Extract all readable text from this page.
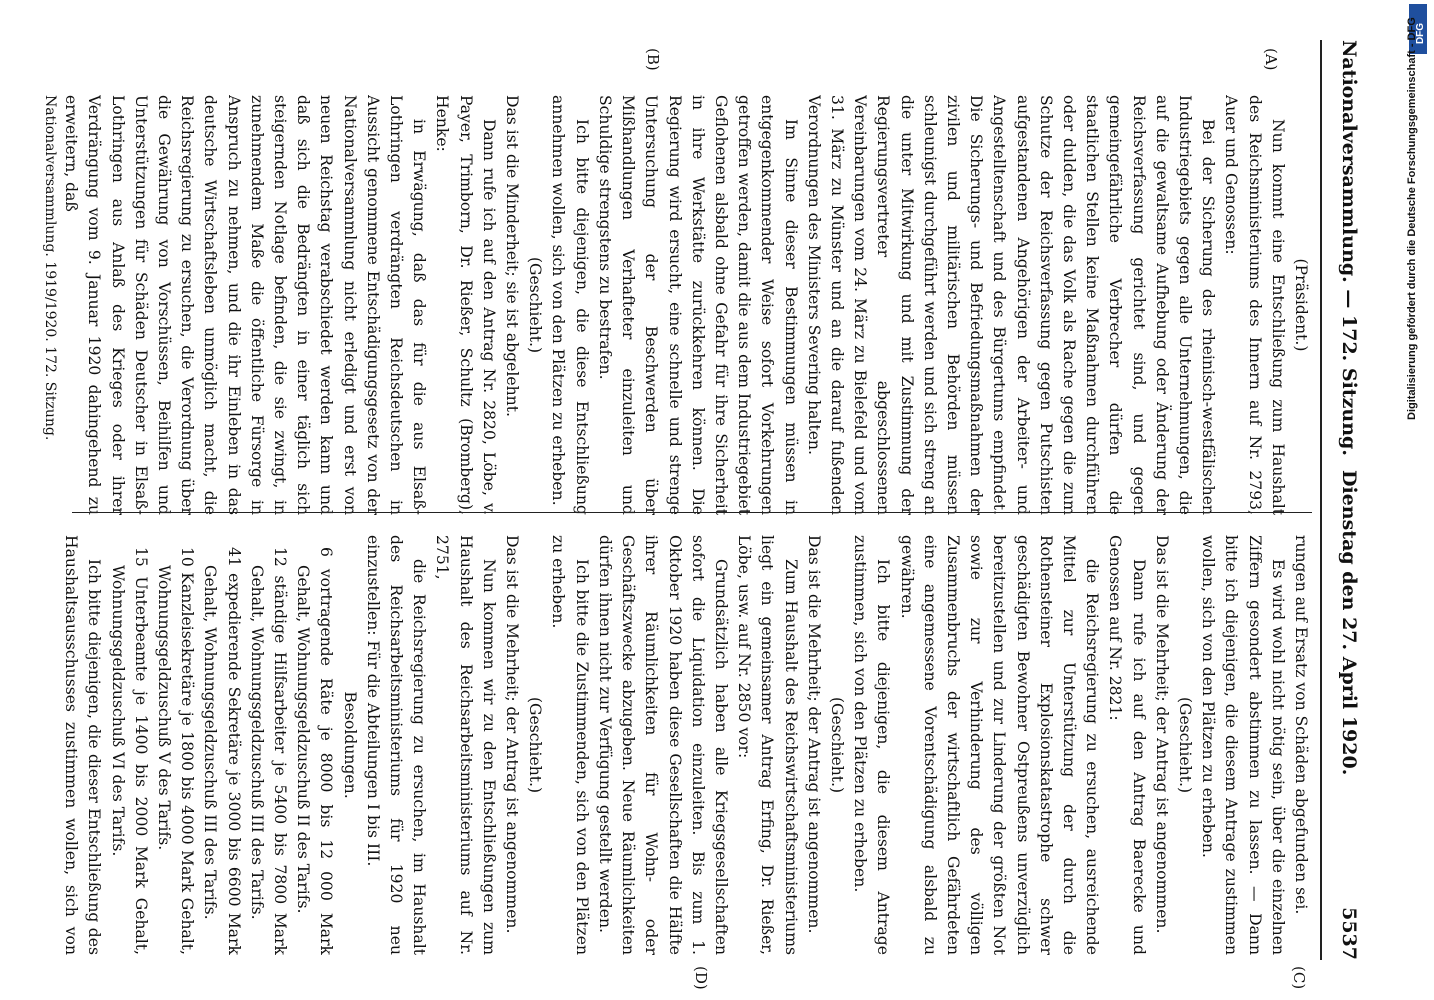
Nationalversammlung. — 172. Sitzung.
Dienstag den 27. April 1920.
5537
(A)
(B)
(C)
(D)

(Präsident.)

Nun kommt eine Entschließung zum Haushalt des Reichsministeriums des Innern auf Nr. 2793, Auer und Genossen:

Bei der Sicherung des rheinisch-westfälischen Industriegebiets gegen alle Unternehmungen, die auf die gewaltsame Aufhebung oder Änderung der Reichsverfassung gerichtet sind, und gegen gemeingefährliche Verbrecher dürfen die staatlichen Stellen keine Maßnahmen durchführen oder dulden, die das Volk als Rache gegen die zum Schutze der Reichsverfassung gegen Putschisten aufgestandenen Angehörigen der Arbeiter- und Angestelltenschaft und des Bürgertums empfindet. Die Sicherungs- und Befriedungsmaßnahmen der zivilen und militärischen Behörden müssen schleunigst durchgeführt werden und sich streng an die unter Mitwirkung und mit Zustimmung der Regierungsvertreter abgeschlossenen Vereinbarungen vom 24. März zu Bielefeld und vom 31. März zu Münster und an die darauf fußenden Verordnungen des Ministers Severing halten.

Im Sinne dieser Bestimmungen müssen in entgegenkommender Weise sofort Vorkehrungen getroffen werden, damit die aus dem Industriegebiet Geflohenen alsbald ohne Gefahr für ihre Sicherheit in ihre Werkstätte zurückkehren können. Die Regierung wird ersucht, eine schnelle und strenge Untersuchung der Beschwerden über Mißhandlungen Verhafteter einzuleiten und Schuldige strengstens zu bestrafen.

Ich bitte diejenigen, die diese Entschließung annehmen wollen, sich von den Plätzen zu erheben.

(Geschieht.)

Das ist die Minderheit; sie ist abgelehnt.

Dann rufe ich auf den Antrag Nr. 2820, Löbe, v. Payer, Trimborn, Dr. Rießer, Schultz (Bromberg), Henke:

in Erwägung, daß das für die aus Elsaß-Lothringen verdrängten Reichsdeutschen in Aussicht genommene Entschädigungsgesetz von der Nationalversammlung nicht erledigt und erst von neuen Reichstag verabschiedet werden kann und daß sich die Bedrängten in einer täglich sich steigernden Notlage befinden, die sie zwingt, in zunehmendem Maße die öffentliche Fürsorge in Anspruch zu nehmen, und die ihr Einleben in das deutsche Wirtschaftsleben unmöglich macht, die Reichsregierung zu ersuchen, die Verordnung über die Gewährung von Vorschüssen, Beihilfen und Unterstützungen für Schäden Deutscher in Elsaß-Lothringen aus Anlaß des Krieges oder ihrer Verdrängung vom 9. Januar 1920 dahingehend zu erweitern, daß

rungen auf Ersatz von Schäden abgefunden sei.

Es wird wohl nicht nötig sein, über die einzelnen Ziffern gesondert abstimmen zu lassen. — Dann bitte ich diejenigen, die diesem Antrage zustimmen wollen, sich von den Plätzen zu erheben.

(Geschieht.)

Das ist die Mehrheit; der Antrag ist angenommen.

Dann rufe ich auf den Antrag Baerecke und Genossen auf Nr. 2821:

die Reichsregierung zu ersuchen, ausreichende Mittel zur Unterstützung der durch die Rothensteiner Explosionskatastrophe schwer geschädigten Bewohner Ostpreußens unverzüglich bereitzustellen und zur Linderung der größten Not sowie zur Verhinderung des völligen Zusammenbruchs der wirtschaftlich Gefährdeten eine angemessene Vorentschädigung alsbald zu gewähren.

Ich bitte diejenigen, die diesem Antrage zustimmen, sich von den Plätzen zu erheben.

(Geschieht.)

Das ist die Mehrheit; der Antrag ist angenommen.

Zum Haushalt des Reichswirtschaftsministeriums liegt ein gemeinsamer Antrag Erfing, Dr. Rießer, Löbe, usw. auf Nr. 2850 vor:

Grundsätzlich haben alle Kriegsgesellschaften sofort die Liquidation einzuleiten. Bis zum 1. Oktober 1920 haben diese Gesellschaften die Hälfte ihrer Räumlichkeiten für Wohn- oder Geschäftszwecke abzugeben. Neue Räumlichkeiten dürfen ihnen nicht zur Verfügung gestellt werden.

Ich bitte die Zustimmenden, sich von den Plätzen zu erheben.

(Geschieht.)

Das ist die Mehrheit; der Antrag ist angenommen.

Nun kommen wir zu den Entschließungen zum Haushalt des Reichsarbeitsministeriums auf Nr. 2751,

die Reichsregierung zu ersuchen, im Haushalt des Reichsarbeitsministeriums für 1920 neu einzustellen: Für die Abteilungen I bis III.

Besoldungen.

6 vortragende Räte je 8000 bis 12 000 Mark Gehalt, Wohnungsgeldzuschuß II des Tarifs.

12 ständige Hilfsarbeiter je 5400 bis 7800 Mark Gehalt, Wohnungsgeldzuschuß III des Tarifs.

41 expedierende Sekretäre je 3000 bis 6600 Mark Gehalt, Wohnungsgeldzuschuß III des Tarifs.

10 Kanzleisekretäre je 1800 bis 4000 Mark Gehalt, Wohnungsgeldzuschuß V des Tarifs.

15 Unterbeamte je 1400 bis 2000 Mark Gehalt, Wohnungsgeldzuschuß VI des Tarifs.

Ich bitte diejenigen, die dieser Entschließung des Haushaltsausschusses zustimmen wollen, sich von

Nationalversammlung. 1919/1920. 172. Sitzung.
DFG
Digitalisierung gefördert durch die Deutsche Forschungsgemeinschaft - DFG
